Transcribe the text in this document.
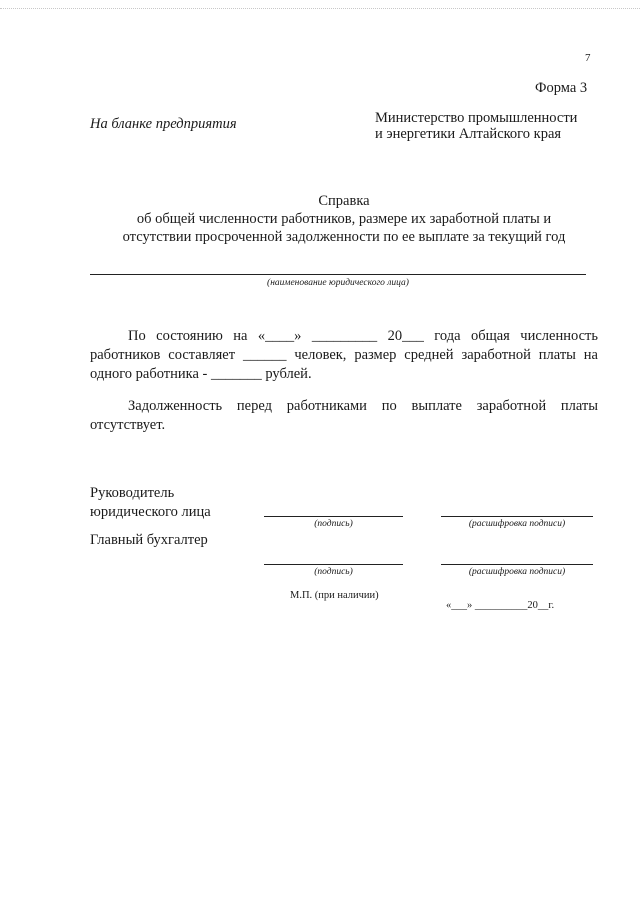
7
Форма 3
На бланке предприятия	Министерство промышленности
и энергетики Алтайского края
Справка
об общей численности работников, размере их заработной платы и
отсутствии просроченной задолженности по ее выплате за текущий год
(наименование юридического лица)
По состоянию на «____» _________ 20___ года общая численность работников составляет ______ человек, размер средней заработной платы на одного работника - _______ рублей.
Задолженность перед работниками по выплате заработной платы отсутствует.
Руководитель
юридического лица
(подпись)	(расшифровка подписи)
Главный бухгалтер
(подпись)	(расшифровка подписи)
М.П. (при наличии)
«___» __________20__г.
